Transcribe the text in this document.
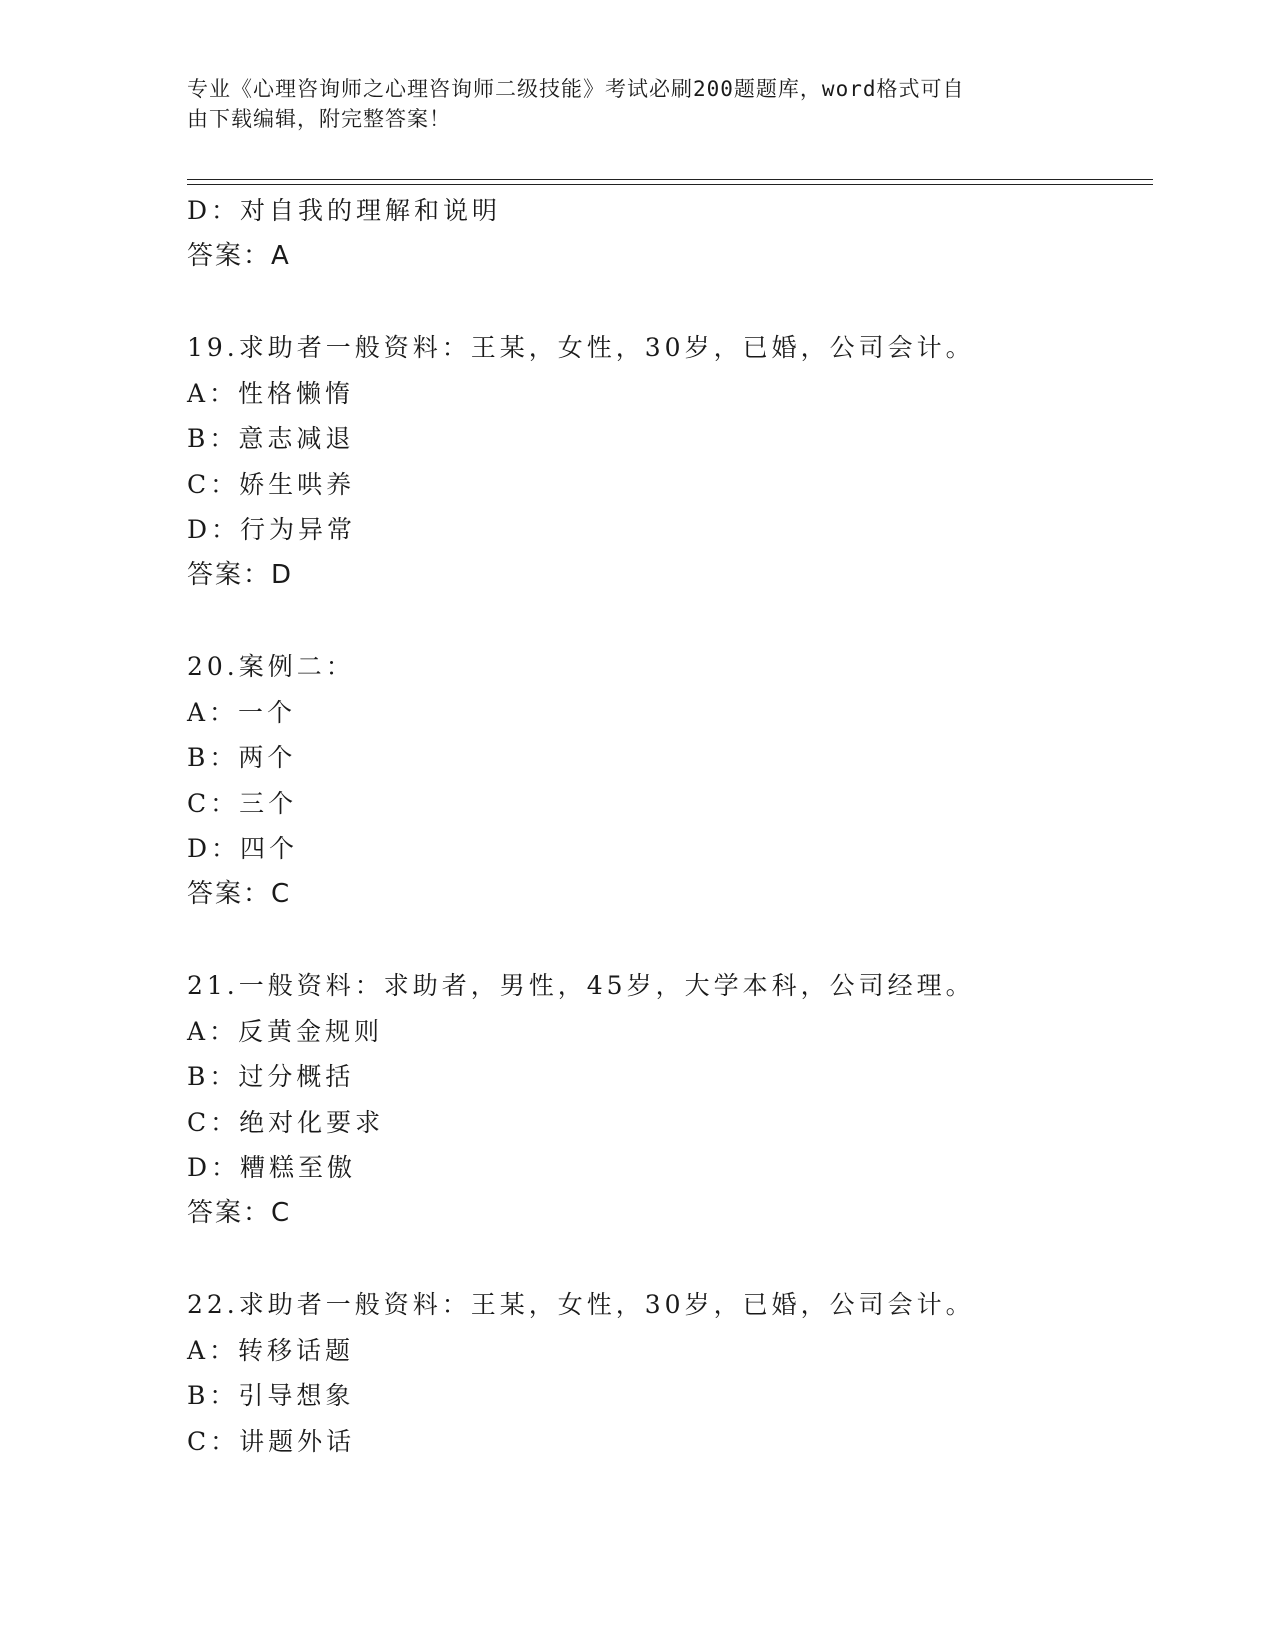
专业《心理咨询师之心理咨询师二级技能》考试必刷200题题库，word格式可自
由下载编辑，附完整答案！
D：对自我的理解和说明
答案：A
19.求助者一般资料：王某，女性，30岁，已婚，公司会计。
A：性格懒惰
B：意志减退
C：娇生哄养
D：行为异常
答案：D
20.案例二：
A：一个
B：两个
C：三个
D：四个
答案：C
21.一般资料：求助者，男性，45岁，大学本科，公司经理。
A：反黄金规则
B：过分概括
C：绝对化要求
D：糟糕至傲
答案：C
22.求助者一般资料：王某，女性，30岁，已婚，公司会计。
A：转移话题
B：引导想象
C：讲题外话
